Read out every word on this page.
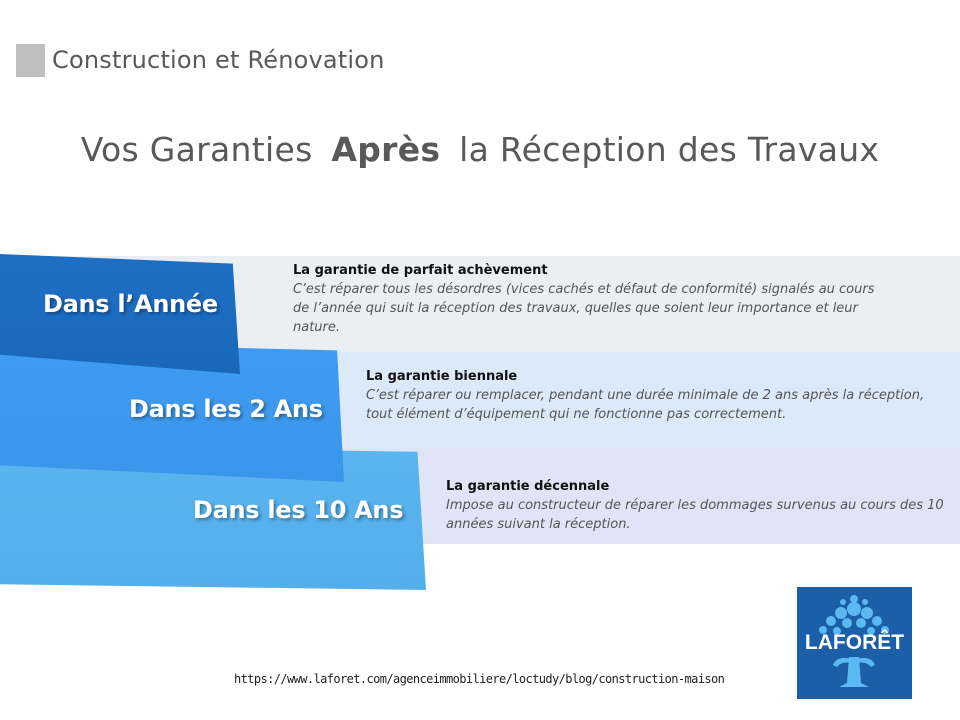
Construction et Rénovation
Vos Garanties Après la Réception des Travaux
Dans l’Année
Dans les 2 Ans
Dans les 10 Ans
La garantie de parfait achèvement
C’est réparer tous les désordres (vices cachés et défaut de conformité) signalés au cours de l’année qui suit la réception des travaux, quelles que soient leur importance et leur nature.
La garantie biennale
C’est réparer ou remplacer, pendant une durée minimale de 2 ans après la réception, tout élément d’équipement qui ne fonctionne pas correctement.
La garantie décennale
Impose au constructeur de réparer les dommages survenus au cours des 10 années suivant la réception.
LAFORÊT
https://www.laforet.com/agenceimmobiliere/loctudy/blog/construction-maison
